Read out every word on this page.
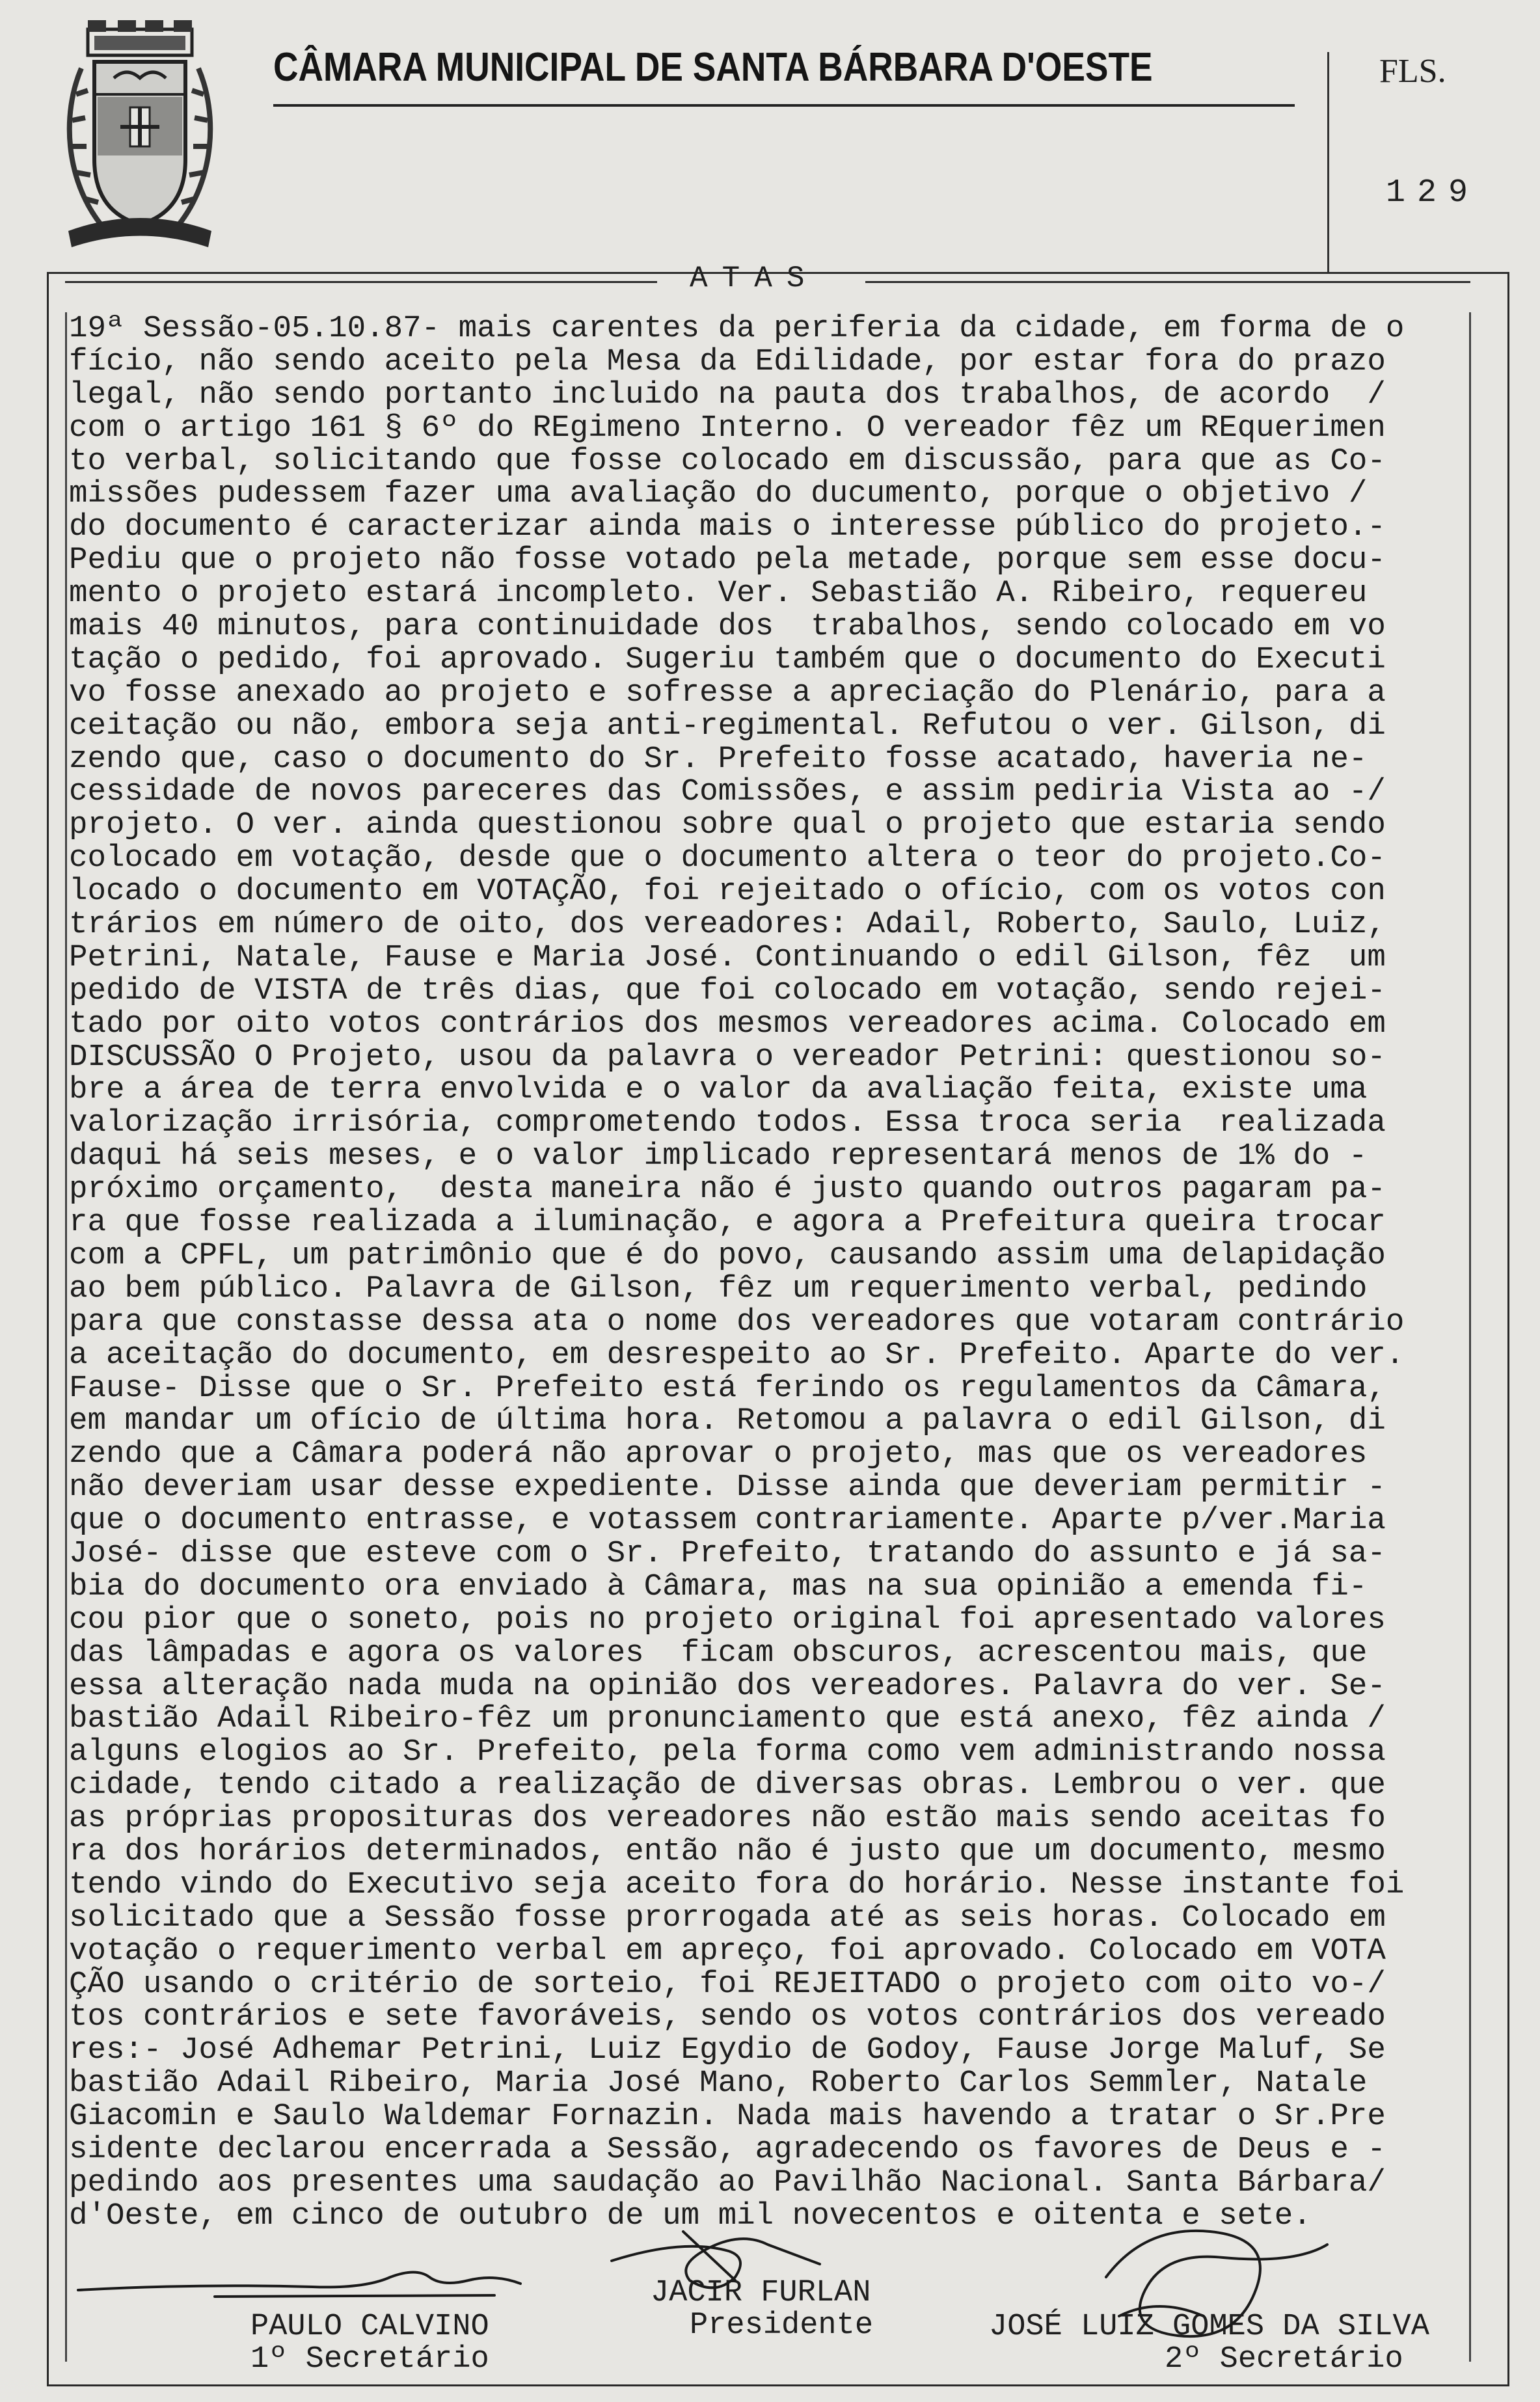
CÂMARA MUNICIPAL DE SANTA BÁRBARA D'OESTE	FLS.
129
ATAS
19ª Sessão-05.10.87- mais carentes da periferia da cidade, em forma de o
fício, não sendo aceito pela Mesa da Edilidade, por estar fora do prazo
legal, não sendo portanto incluido na pauta dos trabalhos, de acordo  /
com o artigo 161 § 6º do REgimeno Interno. O vereador fêz um REquerimen
to verbal, solicitando que fosse colocado em discussão, para que as Co-
missões pudessem fazer uma avaliação do ducumento, porque o objetivo /
do documento é caracterizar ainda mais o interesse público do projeto.-
Pediu que o projeto não fosse votado pela metade, porque sem esse docu-
mento o projeto estará incompleto. Ver. Sebastião A. Ribeiro, requereu
mais 40 minutos, para continuidade dos  trabalhos, sendo colocado em vo
tação o pedido, foi aprovado. Sugeriu também que o documento do Executi
vo fosse anexado ao projeto e sofresse a apreciação do Plenário, para a
ceitação ou não, embora seja anti-regimental. Refutou o ver. Gilson, di
zendo que, caso o documento do Sr. Prefeito fosse acatado, haveria ne-
cessidade de novos pareceres das Comissões, e assim pediria Vista ao -/
projeto. O ver. ainda questionou sobre qual o projeto que estaria sendo
colocado em votação, desde que o documento altera o teor do projeto.Co-
locado o documento em VOTAÇÃO, foi rejeitado o ofício, com os votos con
trários em número de oito, dos vereadores: Adail, Roberto, Saulo, Luiz,
Petrini, Natale, Fause e Maria José. Continuando o edil Gilson, fêz  um
pedido de VISTA de três dias, que foi colocado em votação, sendo rejei-
tado por oito votos contrários dos mesmos vereadores acima. Colocado em
DISCUSSÃO O Projeto, usou da palavra o vereador Petrini: questionou so-
bre a área de terra envolvida e o valor da avaliação feita, existe uma
valorização irrisória, comprometendo todos. Essa troca seria  realizada
daqui há seis meses, e o valor implicado representará menos de 1% do -
próximo orçamento,  desta maneira não é justo quando outros pagaram pa-
ra que fosse realizada a iluminação, e agora a Prefeitura queira trocar
com a CPFL, um patrimônio que é do povo, causando assim uma delapidação
ao bem público. Palavra de Gilson, fêz um requerimento verbal, pedindo
para que constasse dessa ata o nome dos vereadores que votaram contrário
a aceitação do documento, em desrespeito ao Sr. Prefeito. Aparte do ver.
Fause- Disse que o Sr. Prefeito está ferindo os regulamentos da Câmara,
em mandar um ofício de última hora. Retomou a palavra o edil Gilson, di
zendo que a Câmara poderá não aprovar o projeto, mas que os vereadores
não deveriam usar desse expediente. Disse ainda que deveriam permitir -
que o documento entrasse, e votassem contrariamente. Aparte p/ver.Maria
José- disse que esteve com o Sr. Prefeito, tratando do assunto e já sa-
bia do documento ora enviado à Câmara, mas na sua opinião a emenda fi-
cou pior que o soneto, pois no projeto original foi apresentado valores
das lâmpadas e agora os valores  ficam obscuros, acrescentou mais, que
essa alteração nada muda na opinião dos vereadores. Palavra do ver. Se-
bastião Adail Ribeiro-fêz um pronunciamento que está anexo, fêz ainda /
alguns elogios ao Sr. Prefeito, pela forma como vem administrando nossa
cidade, tendo citado a realização de diversas obras. Lembrou o ver. que
as próprias proposituras dos vereadores não estão mais sendo aceitas fo
ra dos horários determinados, então não é justo que um documento, mesmo
tendo vindo do Executivo seja aceito fora do horário. Nesse instante foi
solicitado que a Sessão fosse prorrogada até as seis horas. Colocado em
votação o requerimento verbal em apreço, foi aprovado. Colocado em VOTA
ÇÃO usando o critério de sorteio, foi REJEITADO o projeto com oito vo-/
tos contrários e sete favoráveis, sendo os votos contrários dos vereado
res:- José Adhemar Petrini, Luiz Egydio de Godoy, Fause Jorge Maluf, Se
bastião Adail Ribeiro, Maria José Mano, Roberto Carlos Semmler, Natale
Giacomin e Saulo Waldemar Fornazin. Nada mais havendo a tratar o Sr.Pre
sidente declarou encerrada a Sessão, agradecendo os favores de Deus e -
pedindo aos presentes uma saudação ao Pavilhão Nacional. Santa Bárbara/
d'Oeste, em cinco de outubro de um mil novecentos e oitenta e sete.
JACIR FURLAN
Presidente
PAULO CALVINO
1º Secretário
JOSÉ LUIZ GOMES DA SILVA
2º Secretário
